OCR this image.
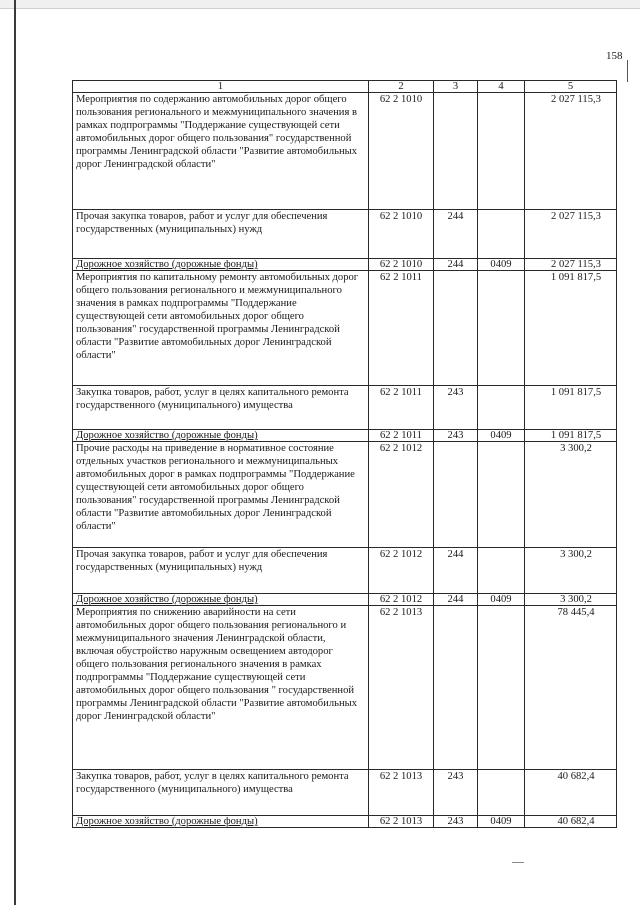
158
1	2	3	4	5
Мероприятия по содержанию автомобильных дорог общего пользования регионального и межмуниципального значения в рамках подпрограммы "Поддержание существующей сети автомобильных дорог общего пользования" государственной программы Ленинградской области "Развитие автомобильных дорог Ленинградской области"	62 2 1010			2 027 115,3
Прочая закупка товаров, работ и услуг для обеспечения государственных (муниципальных) нужд	62 2 1010	244		2 027 115,3
Дорожное хозяйство (дорожные фонды)	62 2 1010	244	0409	2 027 115,3
Мероприятия по капитальному ремонту автомобильных дорог общего пользования регионального и межмуниципального значения в рамках подпрограммы "Поддержание существующей сети автомобильных дорог общего пользования" государственной программы Ленинградской области "Развитие автомобильных дорог Ленинградской области"	62 2 1011			1 091 817,5
Закупка товаров, работ, услуг в целях капитального ремонта государственного (муниципального) имущества	62 2 1011	243		1 091 817,5
Дорожное хозяйство (дорожные фонды)	62 2 1011	243	0409	1 091 817,5
Прочие расходы на приведение в нормативное состояние отдельных участков регионального и межмуниципальных автомобильных дорог в рамках подпрограммы "Поддержание существующей сети автомобильных дорог общего пользования" государственной программы Ленинградской области "Развитие автомобильных дорог Ленинградской области"	62 2 1012			3 300,2
Прочая закупка товаров, работ и услуг для обеспечения государственных (муниципальных) нужд	62 2 1012	244		3 300,2
Дорожное хозяйство (дорожные фонды)	62 2 1012	244	0409	3 300,2
Мероприятия по снижению аварийности на сети автомобильных дорог общего пользования регионального и межмуниципального значения Ленинградской области, включая обустройство наружным освещением автодорог общего пользования регионального значения в рамках подпрограммы "Поддержание существующей сети автомобильных дорог общего пользования " государственной программы Ленинградской области "Развитие автомобильных дорог Ленинградской области"	62 2 1013			78 445,4
Закупка товаров, работ, услуг в целях капитального ремонта государственного (муниципального) имущества	62 2 1013	243		40 682,4
Дорожное хозяйство (дорожные фонды)	62 2 1013	243	0409	40 682,4
